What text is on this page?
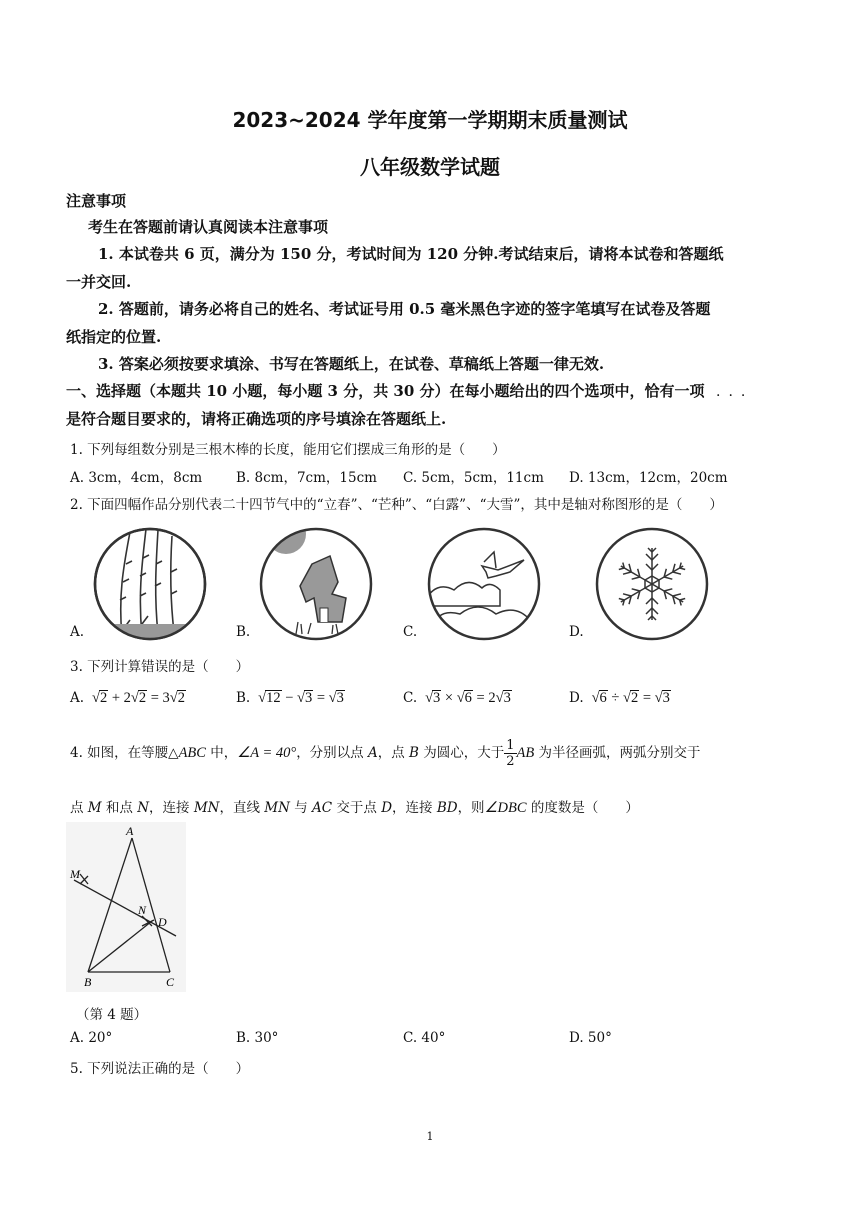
2023~2024 学年度第一学期期末质量测试
八年级数学试题
注意事项
考生在答题前请认真阅读本注意事项
1. 本试卷共 6 页，满分为 150 分，考试时间为 120 分钟.考试结束后，请将本试卷和答题纸
一并交回.
2. 答题前，请务必将自己的姓名、考试证号用 0.5 毫米黑色字迹的签字笔填写在试卷及答题
纸指定的位置.
3. 答案必须按要求填涂、书写在答题纸上，在试卷、草稿纸上答题一律无效.
一、选择题（本题共 10 小题，每小题 3 分，共 30 分）在每小题给出的四个选项中，恰有一项 ···
是符合题目要求的，请将正确选项的序号填涂在答题纸上.
1. 下列每组数分别是三根木棒的长度，能用它们摆成三角形的是（　　）
A. 3cm，4cm，8cm	B. 8cm，7cm，15cm C. 5cm，5cm，11cm D. 13cm，12cm，20cm
2. 下面四幅作品分别代表二十四节气中的“立春”、“芒种”、“白露”、“大雪”，其中是轴对称图形的是（　　）
A.	B.	C.	D.
3. 下列计算错误的是（　　）
A.  √2 + 2√2 = 3√2	B.  √12 − √3 = √3	C.  √3 × √6 = 2√3	D.  √6 ÷ √2 = √3
4. 如图，在等腰△ABC 中，∠A = 40°，分别以点 A，点 B 为圆心，大于 $\frac{1}{2}$ AB 为半径画弧，两弧分别交于
点 M 和点 N，连接 MN，直线 MN 与 AC 交于点 D，连接 BD，则∠DBC 的度数是（　　）
A
M
N
D
B	C
（第 4 题）
A. 20°	B. 30°	C. 40°	D. 50°
5. 下列说法正确的是（　　）
1
